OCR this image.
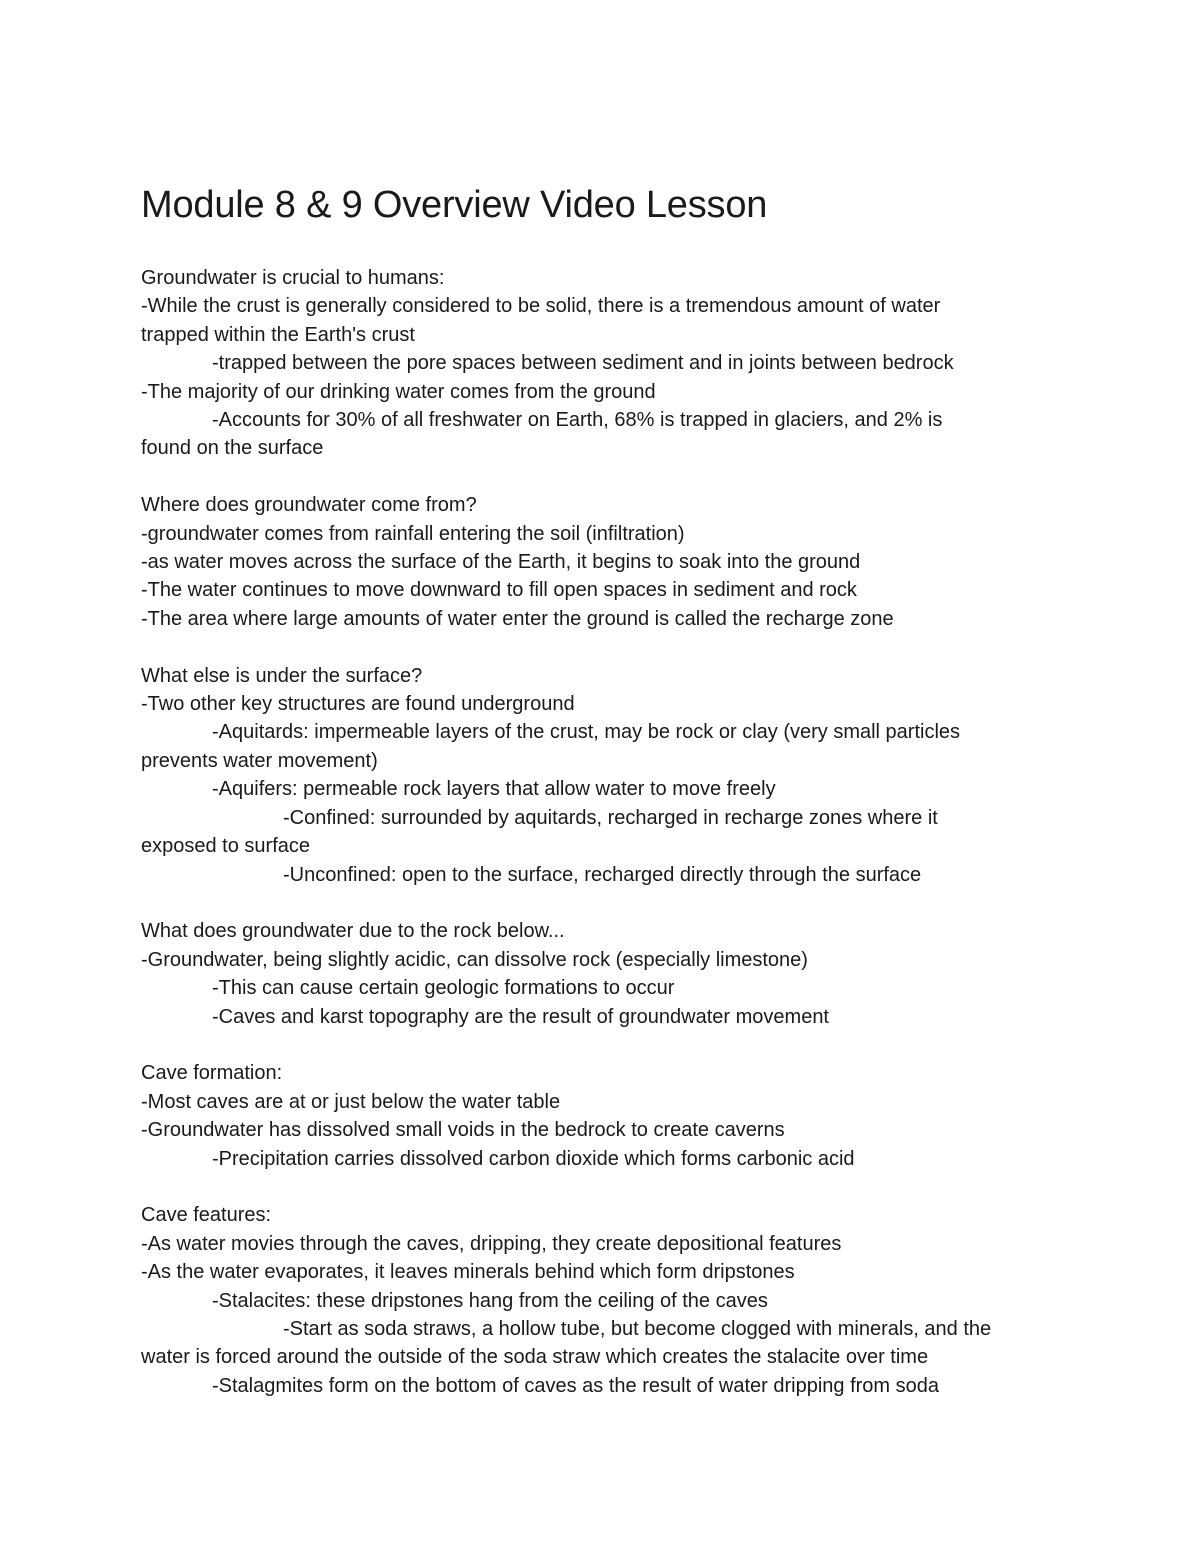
Module 8 & 9 Overview Video Lesson

Groundwater is crucial to humans:

-While the crust is generally considered to be solid, there is a tremendous amount of water

trapped within the Earth's crust

-trapped between the pore spaces between sediment and in joints between bedrock

-The majority of our drinking water comes from the ground

-Accounts for 30% of all freshwater on Earth, 68% is trapped in glaciers, and 2% is

found on the surface

Where does groundwater come from?

-groundwater comes from rainfall entering the soil (infiltration)

-as water moves across the surface of the Earth, it begins to soak into the ground

-The water continues to move downward to fill open spaces in sediment and rock

-The area where large amounts of water enter the ground is called the recharge zone

What else is under the surface?

-Two other key structures are found underground

-Aquitards: impermeable layers of the crust, may be rock or clay (very small particles

prevents water movement)

-Aquifers: permeable rock layers that allow water to move freely

-Confined: surrounded by aquitards, recharged in recharge zones where it

exposed to surface

-Unconfined: open to the surface, recharged directly through the surface

What does groundwater due to the rock below...

-Groundwater, being slightly acidic, can dissolve rock (especially limestone)

-This can cause certain geologic formations to occur

-Caves and karst topography are the result of groundwater movement

Cave formation:

-Most caves are at or just below the water table

-Groundwater has dissolved small voids in the bedrock to create caverns

-Precipitation carries dissolved carbon dioxide which forms carbonic acid

Cave features:

-As water movies through the caves, dripping, they create depositional features

-As the water evaporates, it leaves minerals behind which form dripstones

-Stalacites: these dripstones hang from the ceiling of the caves

-Start as soda straws, a hollow tube, but become clogged with minerals, and the

water is forced around the outside of the soda straw which creates the stalacite over time

-Stalagmites form on the bottom of caves as the result of water dripping from soda
